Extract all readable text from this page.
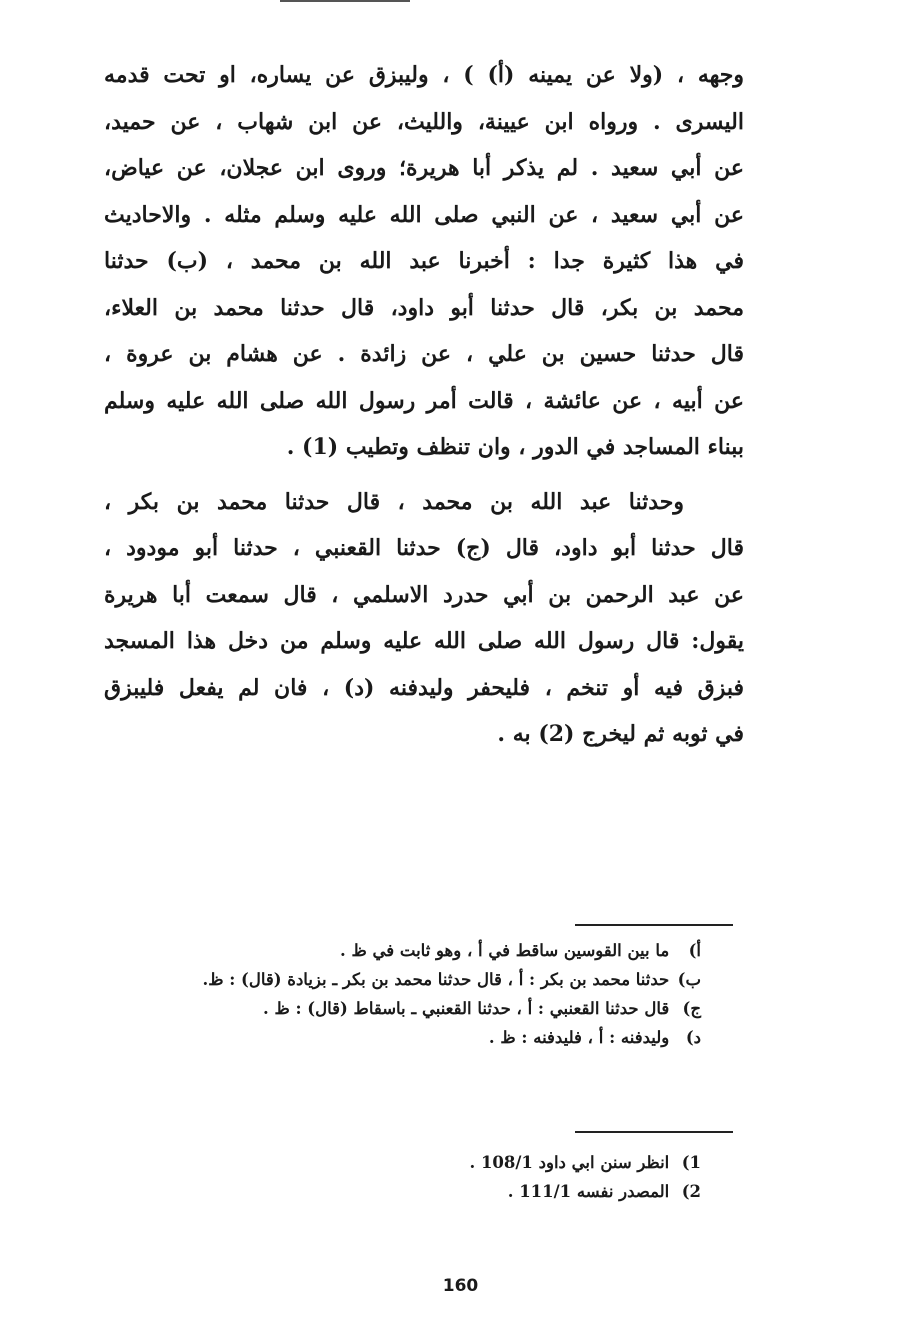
وجهه ، (ولا عن يمينه (أ) ) ، وليبزق عن يساره، او تحت قدمه
اليسرى . ورواه ابن عيينة، والليث، عن ابن شهاب ، عن حميد،
عن أبي سعيد . لم يذكر أبا هريرة؛ وروى ابن عجلان، عن عياض،
عن أبي سعيد ، عن النبي صلى الله عليه وسلم مثله . والاحاديث
في هذا كثيرة جدا : أخبرنا عبد الله بن محمد ، (ب) حدثنا
محمد بن بكر، قال حدثنا أبو داود، قال حدثنا محمد بن العلاء،
قال حدثنا حسين بن علي ، عن زائدة . عن هشام بن عروة ،
عن أبيه ، عن عائشة ، قالت أمر رسول الله صلى الله عليه وسلم
ببناء المساجد في الدور ، وان تنظف وتطيب (1) .

وحدثنا عبد الله بن محمد ، قال حدثنا محمد بن بكر ،
قال حدثنا أبو داود، قال (ج) حدثنا القعنبي ، حدثنا أبو مودود ،
عن عبد الرحمن بن أبي حدرد الاسلمي ، قال سمعت أبا هريرة
يقول: قال رسول الله صلى الله عليه وسلم من دخل هذا المسجد
فبزق فيه أو تنخم ، فليحفر وليدفنه (د) ، فان لم يفعل فليبزق
في ثوبه ثم ليخرج (2) به .

أ) ما بين القوسين ساقط في أ ، وهو ثابت في ظ .
ب) حدثنا محمد بن بكر : أ ، قال حدثنا محمد بن بكر ـ بزيادة (قال) : ظ.
ج) قال حدثنا القعنبي : أ ، حدثنا القعنبي ـ باسقاط (قال) : ظ .
د) وليدفنه : أ ، فليدفنه : ظ .
1) انظر سنن ابي داود 108/1 .
2) المصدر نفسه 111/1 .
160
